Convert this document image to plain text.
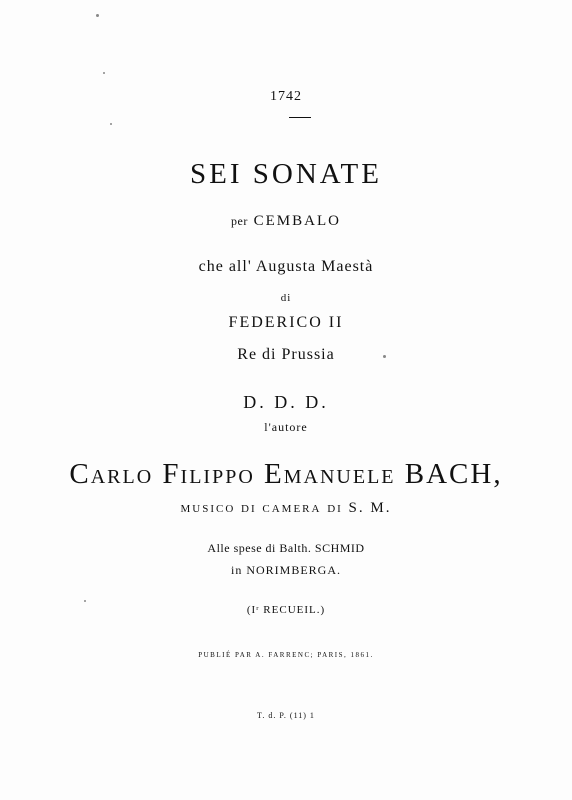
1742
SEI SONATE
per CEMBALO
che all' Augusta Maestà
di
FEDERICO II
Re di Prussia
D. D. D.
l'autore
Carlo Filippo Emanuele BACH,
musico di camera di S. M.
Alle spese di Balth. SCHMID
in NORIMBERGA.
(Iʳ RECUEIL.)
PUBLIÉ PAR A. FARRENC; PARIS, 1861.
T. d. P. (11) 1
